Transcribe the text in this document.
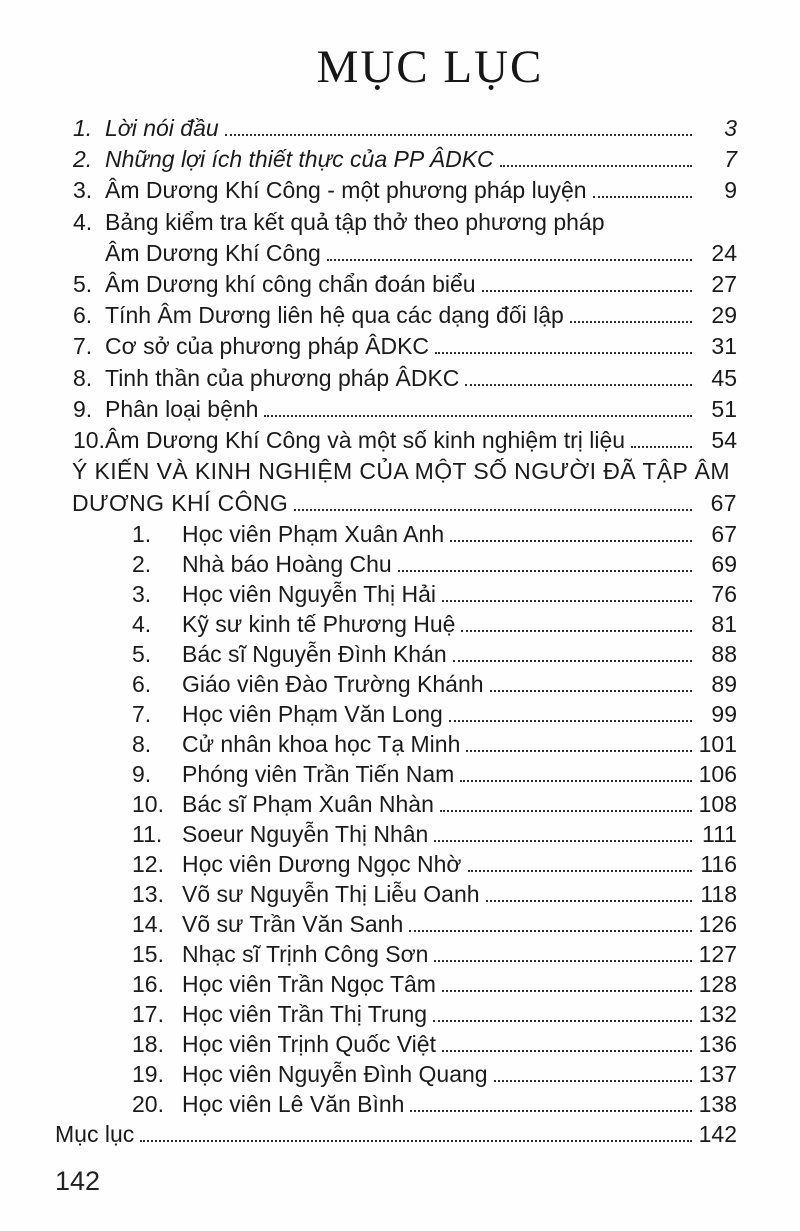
MỤC LỤC
1. Lời nói đầu	3
2. Những lợi ích thiết thực của PP ÂDKC	7
3. Âm Dương Khí Công - một phương pháp luyện	9
4. Bảng kiểm tra kết quả tập thở theo phương pháp
Âm Dương Khí Công	24
5. Âm Dương khí công chẩn đoán biểu	27
6. Tính Âm Dương liên hệ qua các dạng đối lập	29
7. Cơ sở của phương pháp ÂDKC	31
8. Tinh thần của phương pháp ÂDKC	45
9. Phân loại bệnh	51
10. Âm Dương Khí Công và một số kinh nghiệm trị liệu	54
Ý KIẾN VÀ KINH NGHIỆM CỦA MỘT SỐ NGƯỜI ĐÃ TẬP ÂM
DƯƠNG KHÍ CÔNG	67
1.	Học viên Phạm Xuân Anh	67
2.	Nhà báo Hoàng Chu	69
3.	Học viên Nguyễn Thị Hải	76
4.	Kỹ sư kinh tế Phương Huệ	81
5.	Bác sĩ Nguyễn Đình Khán	88
6.	Giáo viên Đào Trường Khánh	89
7.	Học viên Phạm Văn Long	99
8.	Cử nhân khoa học Tạ Minh	101
9.	Phóng viên Trần Tiến Nam	106
10. Bác sĩ Phạm Xuân Nhàn	108
11. Soeur Nguyễn Thị Nhân	111
12. Học viên Dương Ngọc Nhờ	116
13. Võ sư Nguyễn Thị Liễu Oanh	118
14. Võ sư Trần Văn Sanh	126
15. Nhạc sĩ Trịnh Công Sơn	127
16. Học viên Trần Ngọc Tâm	128
17. Học viên Trần Thị Trung	132
18. Học viên Trịnh Quốc Việt	136
19. Học viên Nguyễn Đình Quang	137
20. Học viên Lê Văn Bình	138
Mục lục	142
142
